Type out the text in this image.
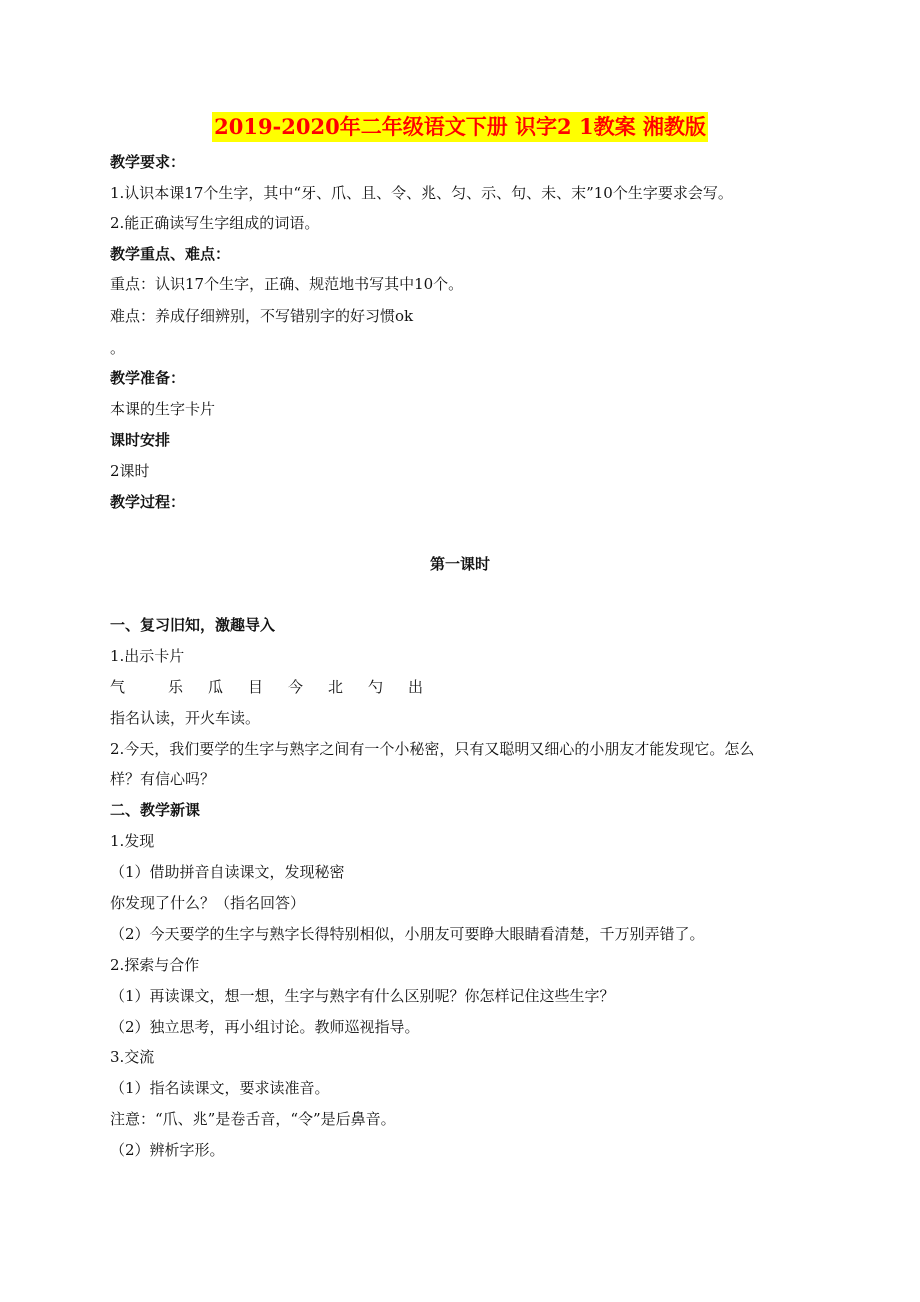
2019-2020年二年级语文下册 识字2 1教案 湘教版
教学要求：
1.认识本课17个生字，其中“牙、爪、且、令、兆、匀、示、句、未、末”10个生字要求会写。
2.能正确读写生字组成的词语。
教学重点、难点：
重点：认识17个生字，正确、规范地书写其中10个。
难点：养成仔细辨别，不写错别字的好习惯ok
。
教学准备：
本课的生字卡片
课时安排
2课时
教学过程：
第一课时
一、复习旧知，激趣导入
1.出示卡片
气	乐 瓜 目 今 北 勺 出
指名认读，开火车读。
2.今天，我们要学的生字与熟字之间有一个小秘密，只有又聪明又细心的小朋友才能发现它。怎么
样？有信心吗？
二、教学新课
1.发现
（1）借助拼音自读课文，发现秘密
你发现了什么？（指名回答）
（2）今天要学的生字与熟字长得特别相似，小朋友可要睁大眼睛看清楚，千万别弄错了。
2.探索与合作
（1）再读课文，想一想，生字与熟字有什么区别呢？你怎样记住这些生字？
（2）独立思考，再小组讨论。教师巡视指导。
3.交流
（1）指名读课文，要求读准音。
注意：“爪、兆”是卷舌音，“令”是后鼻音。
（2）辨析字形。
